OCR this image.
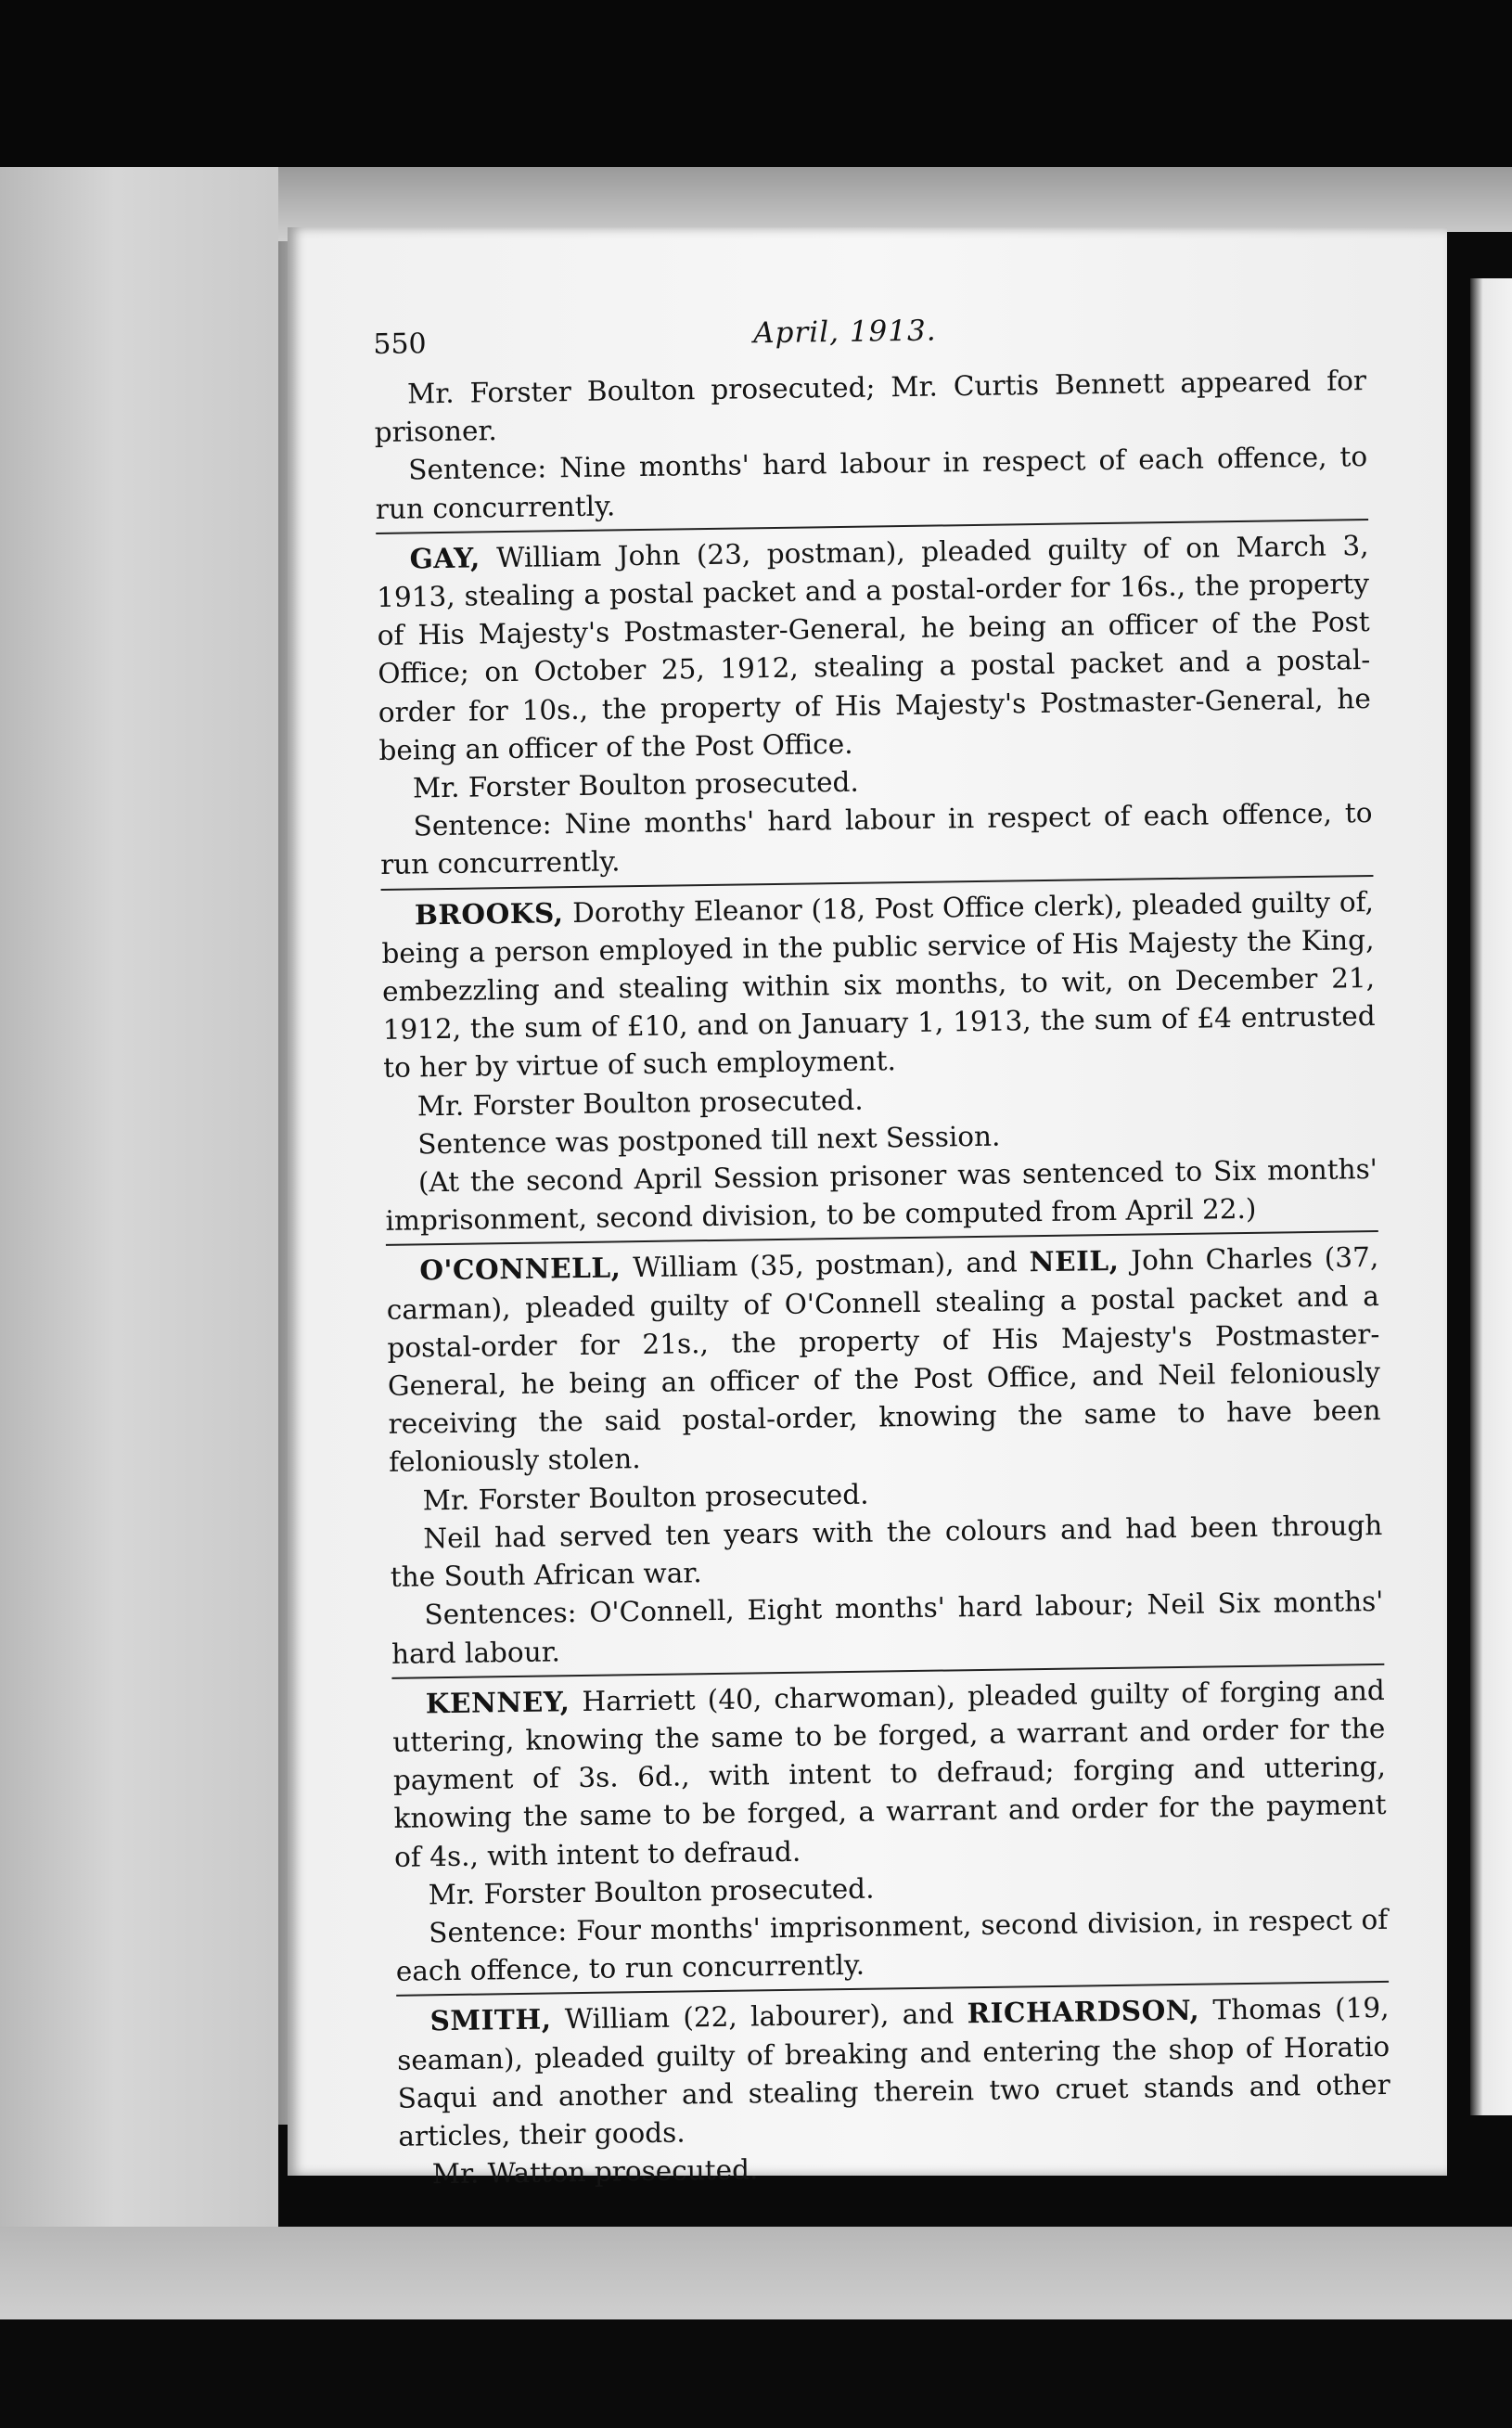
550	April, 1913.

Mr. Forster Boulton prosecuted; Mr. Curtis Bennett appeared for prisoner.

Sentence: Nine months' hard labour in respect of each offence, to run concurrently.

GAY, William John (23, postman), pleaded guilty of on March 3, 1913, stealing a postal packet and a postal-order for 16s., the property of His Majesty's Postmaster-General, he being an officer of the Post Office; on October 25, 1912, stealing a postal packet and a postal-order for 10s., the property of His Majesty's Postmaster-General, he being an officer of the Post Office.

Mr. Forster Boulton prosecuted.

Sentence: Nine months' hard labour in respect of each offence, to run concurrently.

BROOKS, Dorothy Eleanor (18, Post Office clerk), pleaded guilty of, being a person employed in the public service of His Majesty the King, embezzling and stealing within six months, to wit, on December 21, 1912, the sum of £10, and on January 1, 1913, the sum of £4 entrusted to her by virtue of such employment.

Mr. Forster Boulton prosecuted.

Sentence was postponed till next Session.

(At the second April Session prisoner was sentenced to Six months' imprisonment, second division, to be computed from April 22.)

O'CONNELL, William (35, postman), and NEIL, John Charles (37, carman), pleaded guilty of O'Connell stealing a postal packet and a postal-order for 21s., the property of His Majesty's Postmaster-General, he being an officer of the Post Office, and Neil feloniously receiving the said postal-order, knowing the same to have been feloniously stolen.

Mr. Forster Boulton prosecuted.

Neil had served ten years with the colours and had been through the South African war.

Sentences: O'Connell, Eight months' hard labour; Neil Six months' hard labour.

KENNEY, Harriett (40, charwoman), pleaded guilty of forging and uttering, knowing the same to be forged, a warrant and order for the payment of 3s. 6d., with intent to defraud; forging and uttering, knowing the same to be forged, a warrant and order for the payment of 4s., with intent to defraud.

Mr. Forster Boulton prosecuted.

Sentence: Four months' imprisonment, second division, in respect of each offence, to run concurrently.

SMITH, William (22, labourer), and RICHARDSON, Thomas (19, seaman), pleaded guilty of breaking and entering the shop of Horatio Saqui and another and stealing therein two cruet stands and other articles, their goods.

Mr. Watton prosecuted.
